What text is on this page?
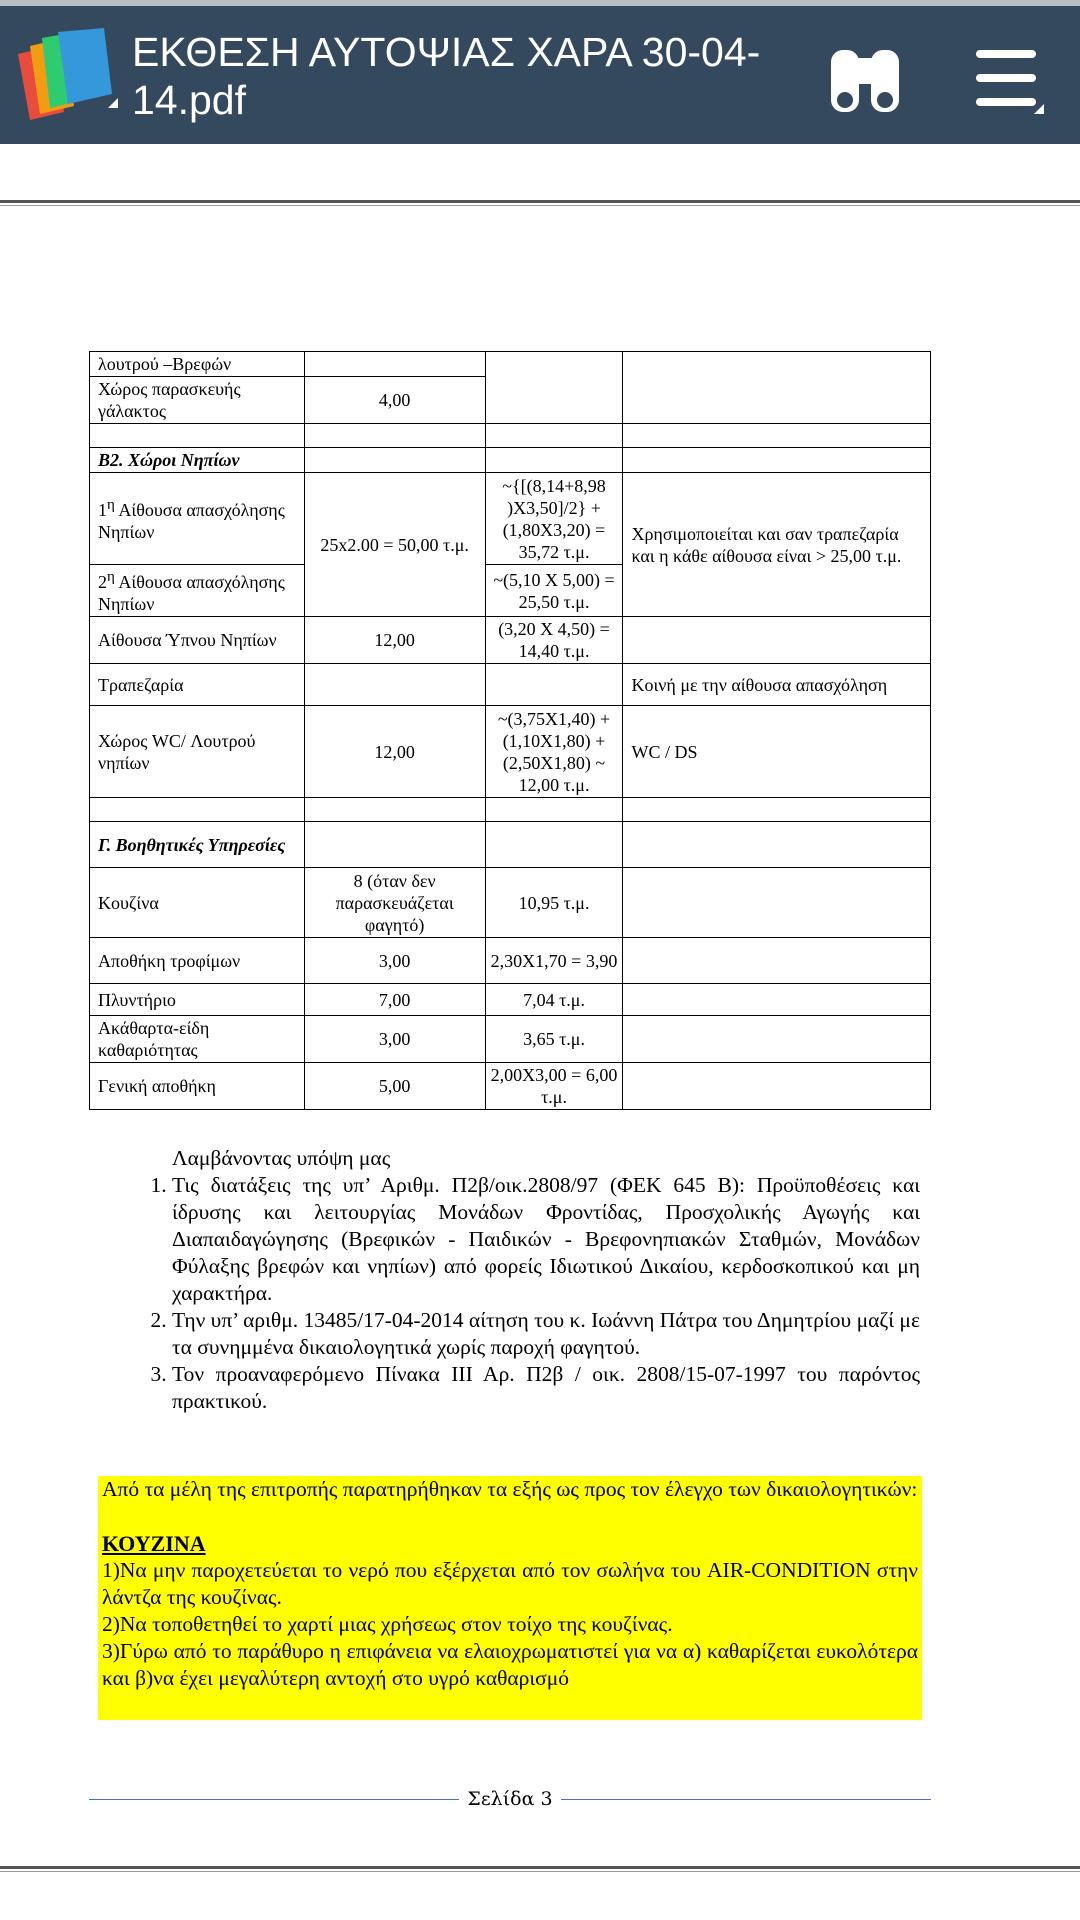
ΕΚΘΕΣΗ ΑΥΤΟΨΙΑΣ ΧΑΡΑ 30-04-14.pdf
λουτρού –Βρεφών			
Χώρος παρασκευής γάλακτος	4,00		

Β2. Χώροι Νηπίων			
$1^\eta$ Αίθουσα απασχόλησης Νηπίων	25x2.00 = 50,00 τ.μ.	~{[(8,14+8,98 )Χ3,50]/2} + (1,80Χ3,20) = 35,72 τ.μ.	Χρησιμοποιείται και σαν τραπεζαρία και η κάθε αίθουσα είναι > 25,00 τ.μ.
$2^\eta$ Αίθουσα απασχόλησης Νηπίων		~(5,10 Χ 5,00) = 25,50 τ.μ.	
Αίθουσα Ύπνου Νηπίων	12,00	(3,20 Χ 4,50) = 14,40 τ.μ.	
Τραπεζαρία			Κοινή με την αίθουσα απασχόληση
Χώρος WC/ Λουτρού νηπίων	12,00	~(3,75Χ1,40) + (1,10Χ1,80) + (2,50Χ1,80) ~ 12,00 τ.μ.	WC / DS

Γ. Βοηθητικές Υπηρεσίες			
Κουζίνα	8 (όταν δεν παρασκευάζεται φαγητό)	10,95 τ.μ.	
Αποθήκη τροφίμων	3,00	2,30Χ1,70 = 3,90	
Πλυντήριο	7,00	7,04 τ.μ.	
Ακάθαρτα-είδη καθαριότητας	3,00	3,65 τ.μ.	
Γενική αποθήκη	5,00	2,00Χ3,00 = 6,00 τ.μ.	
Λαμβάνοντας υπόψη μας
1. Τις διατάξεις της υπ’ Αριθμ. Π2β/οικ.2808/97 (ΦΕΚ 645 Β): Προϋποθέσεις και ίδρυσης και λειτουργίας Μονάδων Φροντίδας, Προσχολικής Αγωγής και Διαπαιδαγώγησης (Βρεφικών - Παιδικών - Βρεφονηπιακών Σταθμών, Μονάδων Φύλαξης βρεφών και νηπίων) από φορείς Ιδιωτικού Δικαίου, κερδοσκοπικού και μη χαρακτήρα.
2. Την υπ’ αριθμ. 13485/17-04-2014 αίτηση του κ. Ιωάννη Πάτρα του Δημητρίου μαζί με τα συνημμένα δικαιολογητικά χωρίς παροχή φαγητού.
3. Τον προαναφερόμενο Πίνακα ΙΙΙ Αρ. Π2β / οικ. 2808/15-07-1997 του παρόντος πρακτικού.
Από τα μέλη της επιτροπής παρατηρήθηκαν τα εξής ως προς τον έλεγχο των δικαιολογητικών:
ΚΟΥΖΙΝΑ
1)Να μην παροχετεύεται το νερό που εξέρχεται από τον σωλήνα του AIR-CONDITION στην λάντζα της κουζίνας.
2)Να τοποθετηθεί το χαρτί μιας χρήσεως στον τοίχο της κουζίνας.
3)Γύρω από το παράθυρο η επιφάνεια να ελαιοχρωματιστεί για να α) καθαρίζεται ευκολότερα και β)να έχει μεγαλύτερη αντοχή στο υγρό καθαρισμό
Σελίδα 3
